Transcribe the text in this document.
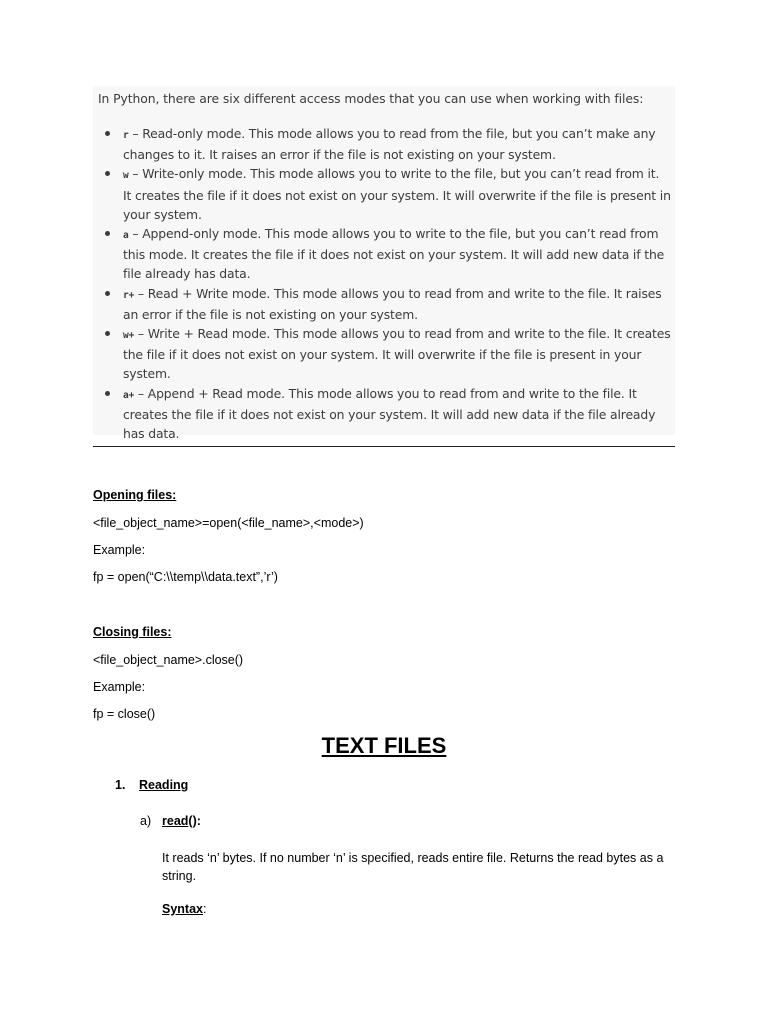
In Python, there are six different access modes that you can use when working with files:
r – Read-only mode. This mode allows you to read from the file, but you can’t make any changes to it. It raises an error if the file is not existing on your system.
w – Write-only mode. This mode allows you to write to the file, but you can’t read from it. It creates the file if it does not exist on your system. It will overwrite if the file is present in your system.
a – Append-only mode. This mode allows you to write to the file, but you can’t read from this mode. It creates the file if it does not exist on your system. It will add new data if the file already has data.
r+ – Read + Write mode. This mode allows you to read from and write to the file. It raises an error if the file is not existing on your system.
w+ – Write + Read mode. This mode allows you to read from and write to the file. It creates the file if it does not exist on your system. It will overwrite if the file is present in your system.
a+ – Append + Read mode. This mode allows you to read from and write to the file. It creates the file if it does not exist on your system. It will add new data if the file already has data.
Opening files:
<file_object_name>=open(<file_name>,<mode>)
Example:
fp = open(“C:\\temp\\data.text”,’r’)
Closing files:
<file_object_name>.close()
Example:
fp = close()
TEXT FILES
1. Reading
a) read():
It reads ‘n’ bytes. If no number ‘n’ is specified, reads entire file. Returns the read bytes as a string.
Syntax:
